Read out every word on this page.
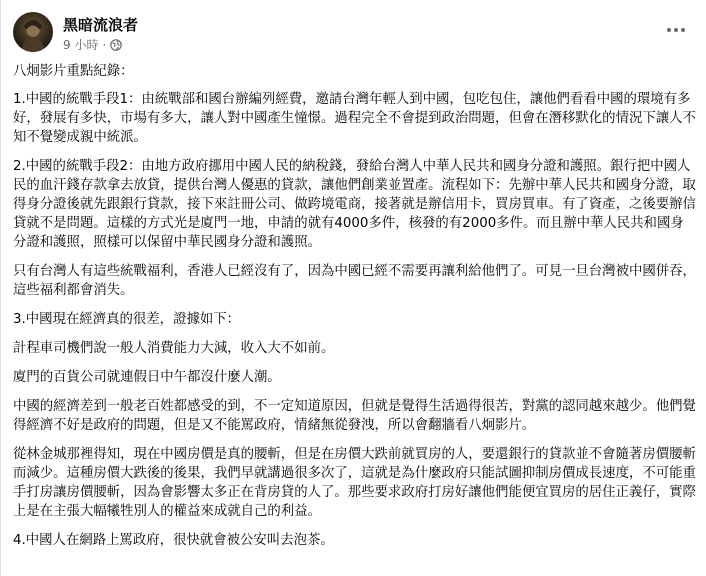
黑暗流浪者
9 小時 ·

八炯影片重點紀錄：

1.中國的統戰手段1：由統戰部和國台辦編列經費，邀請台灣年輕人到中國，包吃包住，讓他們看看中國的環境有多好，發展有多快，市場有多大，讓人對中國產生憧憬。過程完全不會提到政治問題，但會在潛移默化的情況下讓人不知不覺變成親中統派。

2.中國的統戰手段2：由地方政府挪用中國人民的納稅錢，發給台灣人中華人民共和國身分證和護照。銀行把中國人民的血汗錢存款拿去放貸，提供台灣人優惠的貸款，讓他們創業並置產。流程如下：先辦中華人民共和國身分證，取得身分證後就先跟銀行貸款，接下來註冊公司、做跨境電商，接著就是辦信用卡，買房買車。有了資產，之後要辦信貸就不是問題。這樣的方式光是廈門一地，申請的就有4000多件，核發的有2000多件。而且辦中華人民共和國身分證和護照，照樣可以保留中華民國身分證和護照。

只有台灣人有這些統戰福利，香港人已經沒有了，因為中國已經不需要再讓利給他們了。可見一旦台灣被中國併吞，這些福利都會消失。

3.中國現在經濟真的很差，證據如下：

計程車司機們說一般人消費能力大減，收入大不如前。

廈門的百貨公司就連假日中午都沒什麼人潮。

中國的經濟差到一般老百姓都感受的到，不一定知道原因，但就是覺得生活過得很苦，對黨的認同越來越少。他們覺得經濟不好是政府的問題，但是又不能罵政府，情緒無從發洩，所以會翻牆看八炯影片。

從林金城那裡得知，現在中國房價是真的腰斬，但是在房價大跌前就買房的人，要還銀行的貸款並不會隨著房價腰斬而減少。這種房價大跌後的後果，我們早就講過很多次了，這就是為什麼政府只能試圖抑制房價成長速度，不可能重手打房讓房價腰斬，因為會影響太多正在背房貸的人了。那些要求政府打房好讓他們能便宜買房的居住正義仔，實際上是在主張大幅犧牲別人的權益來成就自己的利益。

4.中國人在網路上罵政府，很快就會被公安叫去泡茶。
